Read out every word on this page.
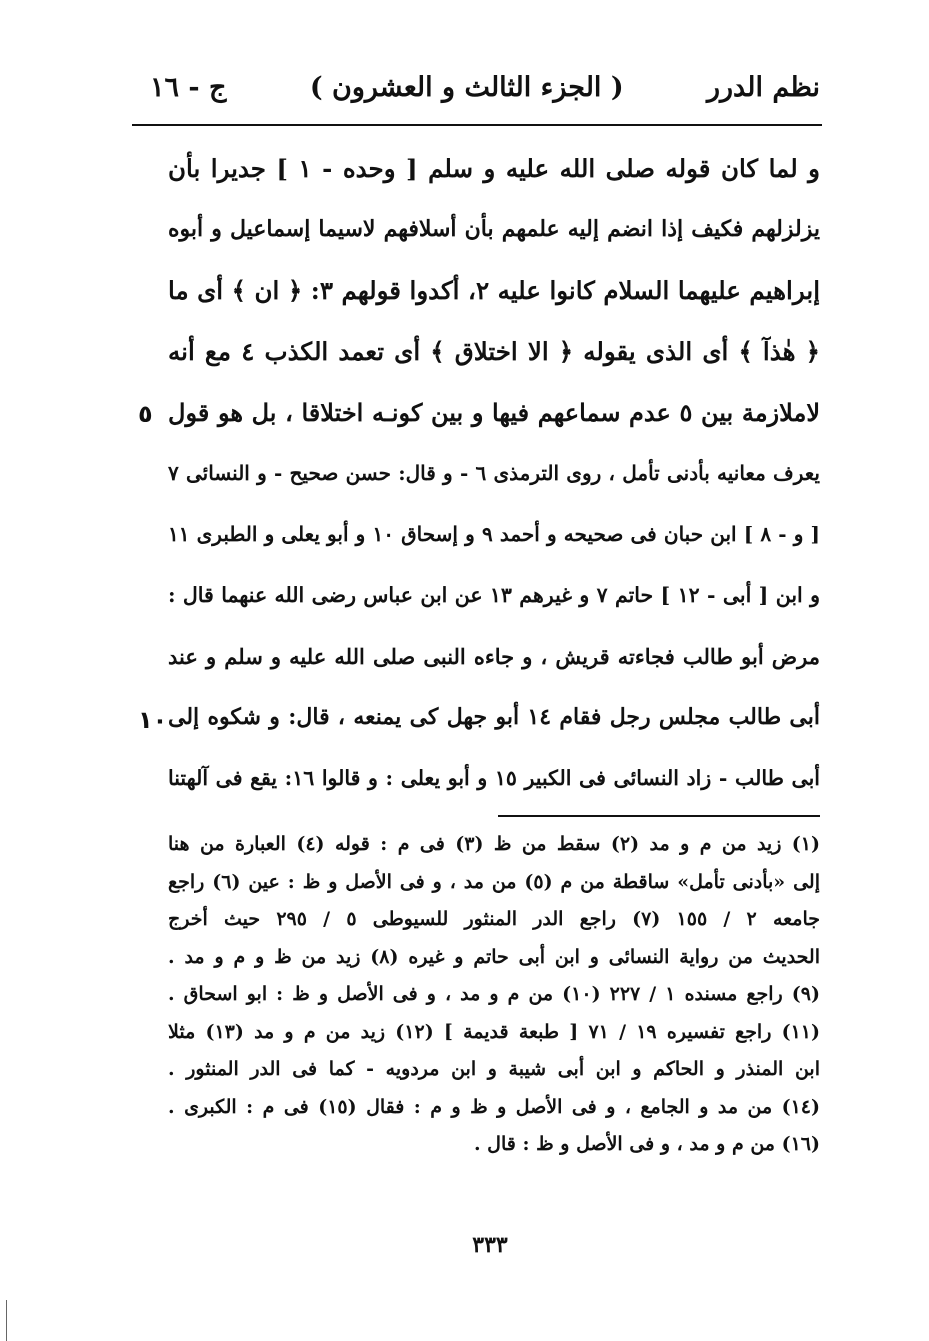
نظم الدرر
( الجزء الثالث و العشرون )
ج - ١٦
و لما كان قوله صلى الله عليه و سلم [ وحده - ١ ] جديرا بأن
يزلزلهم فكيف إذا انضم إليه علمهم بأن أسلافهم لاسيما إسماعيل و أبوه
إبراهيم عليهما السلام كانوا عليه ٢، أكدوا قولهم ٣: ﴿ ان ﴾ أى ما
﴿ هٰذآ ﴾ أى الذى يقوله ﴿ الا اختلاق ﴾ أى تعمد الكذب ٤ مع أنه
لاملازمة بين ٥ عدم سماعهم فيها و بين كونـه اختلاقا ، بل هو قول
يعرف معانيه بأدنى تأمل ، روى الترمذى ٦ - و قال: حسن صحيح - و النسائى ٧
[ و - ٨ ] ابن حبان فى صحيحه و أحمد ٩ و إسحاق ١٠ و أبو يعلى و الطبرى ١١
و ابن [ أبى - ١٢ ] حاتم ٧ و غيرهم ١٣ عن ابن عباس رضى الله عنهما قال :
مرض أبو طالب فجاءته قريش ، و جاءه النبى صلى الله عليه و سلم و عند
أبى طالب مجلس رجل فقام ١٤ أبو جهل كى يمنعه ، قال: و شكوه إلى
أبى طالب - زاد النسائى فى الكبير ١٥ و أبو يعلى : و قالوا ١٦: يقع فى آلهتنا
٥
١٠
(١) زيد من م و مد (٢) سقط من ظ (٣) فى م : قوله (٤) العبارة من هنا
إلى «بأدنى تأمل» ساقطة من م (٥) من مد ، و فى الأصل و ظ : عين (٦) راجع
جامعه ٢ / ١٥٥ (٧) راجع الدر المنثور للسيوطى ٥ / ٢٩٥ حيث أخرج
الحديث من رواية النسائى و ابن أبى حاتم و غيره (٨) زيد من ظ و م و مد .
(٩) راجع مسنده ١ / ٢٢٧ (١٠) من م و مد ، و فى الأصل و ظ : ابو اسحاق .
(١١) راجع تفسيره ١٩ / ٧١ [ طبعة قديمة ] (١٢) زيد من م و مد (١٣) مثلا
ابن المنذر و الحاكم و ابن أبى شيبة و ابن مردويه - كما فى الدر المنثور .
(١٤) من مد و الجامع ، و فى الأصل و ظ و م : فقال (١٥) فى م : الكبرى .
(١٦) من م و مد ، و فى الأصل و ظ : قال .
٣٣٣
